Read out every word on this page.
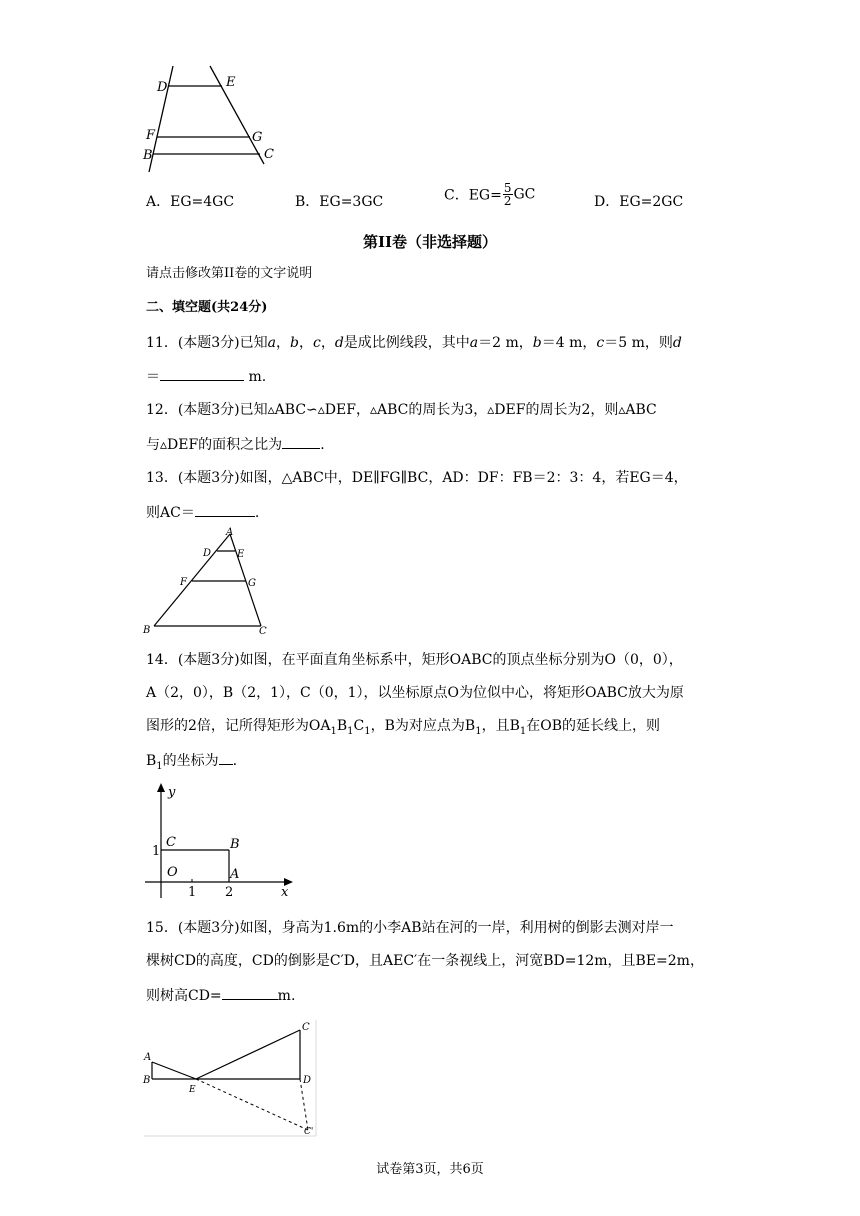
D	E
F	G
B	C
A．EG=4GC	B．EG=3GC	C．$EG= \frac{5}{2}$ GC	D．EG=2GC
第II卷（非选择题）
请点击修改第II卷的文字说明
二、填空题(共24分)
11．(本题3分)已知a，b，c，d是成比例线段，其中a＝2 m，b＝4 m，c＝5 m，则d
＝	m.
12．(本题3分)已知▵ABC∽▵DEF，▵ABC的周长为3，▵DEF的周长为2，则▵ABC
与▵DEF的面积之比为	.
13．(本题3分)如图，△ABC中，DE∥FG∥BC，AD：DF：FB＝2：3：4，若EG＝4，
则AC＝	.
A
D	E
F	G
B	C
14．(本题3分)如图，在平面直角坐标系中，矩形OABC的顶点坐标分别为O（0，0），
A（2，0），B（2，1），C（0，1），以坐标原点O为位似中心，将矩形OABC放大为原
图形的2倍，记所得矩形为$OA_1B_1C_1$，B为对应点为$B_1$，且$B_1$在OB的延长线上，则
$B_1$的坐标为 .
y
x
C	B
O	A
1
1 2
15．(本题3分)如图，身高为1.6m的小李AB站在河的一岸，利用树的倒影去测对岸一
棵树CD的高度，CD的倒影是C′D，且AEC′在一条视线上，河宽BD=12m，且BE=2m，
则树高CD=	m.
A
B
E
C
D
C'
试卷第3页，共6页
